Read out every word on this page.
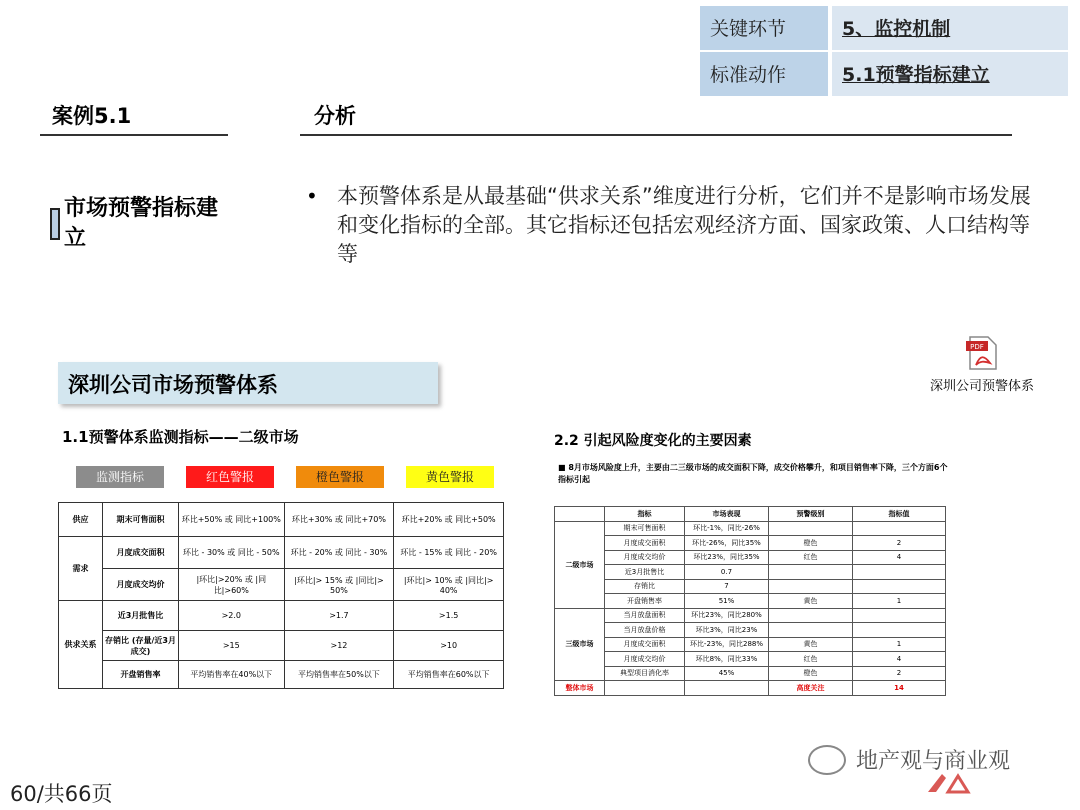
关键环节	5、监控机制
标准动作	5.1预警指标建立
案例5.1	分析
市场预警指标建立
• 本预警体系是从最基础“供求关系”维度进行分析，它们并不是影响市场发展和变化指标的全部。其它指标还包括宏观经济方面、国家政策、人口结构等等
PDF
深圳公司预警体系
深圳公司市场预警体系
1.1预警体系监测指标——二级市场
监测指标	红色警报	橙色警报	黄色警报
供应	期末可售面积	环比+50% 或 同比+100%	环比+30% 或 同比+70%	环比+20% 或 同比+50%
需求	月度成交面积	环比 - 30% 或 同比 - 50%	环比 - 20% 或 同比 - 30%	环比 - 15% 或 同比 - 20%
	月度成交均价	|环比|>20% 或 |同比|>60%	|环比|> 15% 或 |同比|> 50%	|环比|> 10% 或 |同比|> 40%
供求关系	近3月批售比	>2.0	>1.7	>1.5
	存销比 (存量/近3月成交)	>15	>12	>10
	开盘销售率	平均销售率在40%以下	平均销售率在50%以下	平均销售率在60%以下
2.2 引起风险度变化的主要因素
■ 8月市场风险度上升，主要由二三级市场的成交面积下降，成交价格攀升，和项目销售率下降，三个方面6个指标引起
	指标	市场表现	预警级别	指标值
二级市场	期末可售面积	环比-1%，同比-26%		
	月度成交面积	环比-26%，同比35%	橙色	2
	月度成交均价	环比23%，同比35%	红色	4
	近3月批售比	0.7		
	存销比	7		
	开盘销售率	51%	黄色	1
三级市场	当月放盘面积	环比23%，同比280%		
	当月放盘价格	环比3%，同比23%		
	月度成交面积	环比-23%，同比288%	黄色	1
	月度成交均价	环比8%，同比33%	红色	4
	典型项目消化率	45%	橙色	2
整体市场			高度关注	14
60/共66页
地产观与商业观
